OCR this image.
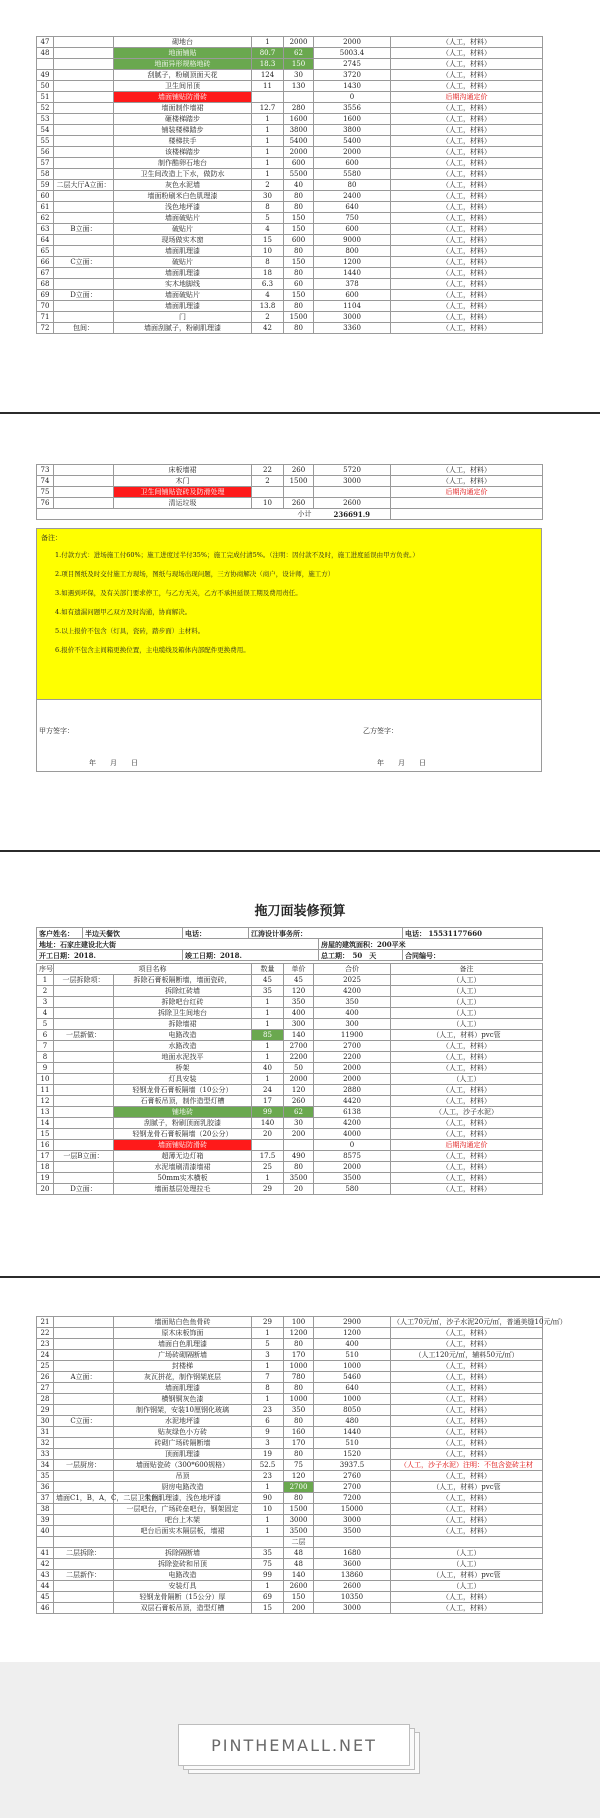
47		砌地台	1	2000	2000	（人工，材料）
48		地面铺贴	80.7	62	5003.4	（人工，材料）
		地面异形规格地砖	18.3	150	2745	（人工，材料）
49		刮腻子，粉刷顶面天花	124	30	3720	（人工，材料）
50		卫生间吊顶	11	130	1430	（人工，材料）
51		墙面铺贴防滑砖			0	后期沟通定价
52		墙面制作墙裙	12.7	280	3556	（人工，材料）
53		砸楼梯踏步	1	1600	1600	（人工，材料）
54		铺装楼梯踏步	1	3800	3800	（人工，材料）
55		楼梯扶手	1	5400	5400	（人工，材料）
56		该楼梯踏步	1	2000	2000	（人工，材料）
57		制作酷卵石地台	1	600	600	（人工，材料）
58		卫生间改造上下水，做防水	1	5500	5580	（人工，材料）
59	二层大厅A立面：	灰色水泥墙	2	40	80	（人工，材料）
60		墙面粉刷米白色肌理漆	30	80	2400	（人工，材料）
61		浅色地坪漆	8	80	640	（人工，材料）
62		墙面破贴片	5	150	750	（人工，材料）
63	B立面：	破贴片	4	150	600	（人工，材料）
64		现场做实木窗	15	600	9000	（人工，材料）
65		墙面肌理漆	10	80	800	（人工，材料）
66	C立面：	破贴片	8	150	1200	（人工，材料）
67		墙面肌理漆	18	80	1440	（人工，材料）
68		实木地脚线	6.3	60	378	（人工，材料）
69	D立面：	墙面破贴片	4	150	600	（人工，材料）
70		墙面肌理漆	13.8	80	1104	（人工，材料）
71		门	2	1500	3000	（人工，材料）
72	包间：	墙面刮腻子，粉刷肌理漆	42	80	3360	（人工，材料）
73		床板墙裙	22	260	5720	（人工，材料）
74		木门	2	1500	3000	（人工，材料）
75		卫生间铺贴瓷砖及防滑处理				后期沟通定价
76		清运垃圾	10	260	2600	
小计					236691.9	
备注：
1.付款方式：进场施工付60%；施工进度过半付35%；施工完成付清5%。（注明：因付款不及时，施工进度延误由甲方负责。）
2.项目图纸及时交付施工方现场，图纸与现场出现问题，三方协商解决（商户，设计师，施工方）
3.如遇到环保，及有关部门要求停工，与乙方无关，乙方不承担延误工期及费用责任。
4.如有遗漏问题甲乙双方及时沟通，协商解决。
5.以上报价不包含（灯具，瓷砖，踏步面）主材料。
6.报价不包含主间箱更换位置，主电缆线及箱体内部配件更换费用。
甲方签字：	乙方签字：
年　　月　　日	年　　月　　日
拖刀面装修预算
客户姓名：	半边天餐饮	电话：	江涛设计事务所：		电话： 15531177660
地址：石家庄建设北大街				房屋的建筑面积：200平米	
开工日期：2018.		竣工日期：2018.		总工期：　50　天	合同编号：
序号	项目名称		数量	单价	合价	备注
1	一层拆除项：	拆除石膏板隔断墙，墙面瓷砖，	45	45	2025	（人工）
2		拆除红砖墙	35	120	4200	（人工）
3		拆除吧台红砖	1	350	350	（人工）
4		拆除卫生间地台	1	400	400	（人工）
5		拆除墙裙	1	300	300	（人工）
6	一层新做：	电路改造	85	140	11900	（人工，材料）pvc管
7		水路改造	1	2700	2700	（人工，材料）
8		地面水泥找平	1	2200	2200	（人工，材料）
9		桥架	40	50	2000	（人工，材料）
10		灯具安装	1	2000	2000	（人工）
11		轻钢龙骨石膏板隔墙（10公分）	24	120	2880	（人工，材料）
12		石膏板吊顶，制作造型灯槽	17	260	4420	（人工，材料）
13		铺地砖	99	62	6138	（人工，沙子水泥）
14		刮腻子，粉刷顶面乳胶漆	140	30	4200	（人工，材料）
15		轻钢龙骨石膏板隔墙（20公分）	20	200	4000	（人工，材料）
16		墙面铺贴防滑砖			0	后期沟通定价
17	一层B立面：	超薄无边灯箱	17.5	490	8575	（人工，材料）
18		水泥墙刷清漆墙裙	25	80	2000	（人工，材料）
19		50mm实木横板	1	3500	3500	（人工，材料）
20	D立面：	墙面基层处理拉毛	29	20	580	（人工，材料）
21		墙面贴白色鱼骨砖	29	100	2900	（人工70元/㎡，沙子水泥20元/㎡，普通美缝10元/㎡）
22		原木床板饰面	1	1200	1200	（人工，材料）
23		墙面白色肌理漆	5	80	400	（人工，材料）
24		广场砖砌隔断墙	3	170	510	（人工120元/㎡，辅料50元/㎡）
25		封楼梯	1	1000	1000	（人工，材料）
26	A立面：	灰瓦拼花，制作钢架底层	7	780	5460	（人工，材料）
27		墙面肌理漆	8	80	640	（人工，材料）
28		横钢铜灰色漆	1	1000	1000	（人工，材料）
29		制作钢架，安装10厘钢化玻璃	23	350	8050	（人工，材料）
30	C立面：	水泥地坪漆	6	80	480	（人工，材料）
31		贴灰绿色小方砖	9	160	1440	（人工，材料）
32		砖砌广场砖隔断墙	3	170	510	（人工，材料）
33		顶面肌理漆	19	80	1520	（人工，材料）
34	一层厨房：	墙面贴瓷砖（300*600规格）	52.5	75	3937.5	（人工，沙子水泥）注明：不包含瓷砖主材
35		吊顶	23	120	2760	（人工，材料）
36		厨房电路改造	1	2700	2700	（人工，材料）pvc管
37	墙面C1，B，A，C，二层卫生间：	米色肌理漆，浅色地坪漆	90	80	7200	（人工，材料）
38		一层吧台，广场砖垒吧台，钢架固定	10	1500	15000	（人工，材料）
39		吧台上木架	1	3000	3000	（人工，材料）
40		吧台后面实木隔层板，墙裙	1	3500	3500	（人工，材料）
				二层		
41	二层拆除：	拆除隔断墙	35	48	1680	（人工）
42		拆除瓷砖和吊顶	75	48	3600	（人工）
43	二层新作：	电路改造	99	140	13860	（人工，材料）pvc管
44		安装灯具	1	2600	2600	（人工）
45		轻钢龙骨隔断（15公分）厚	69	150	10350	（人工，材料）
46		双层石膏板吊顶，造型灯槽	15	200	3000	（人工，材料）
PINTHEMALL.NET
